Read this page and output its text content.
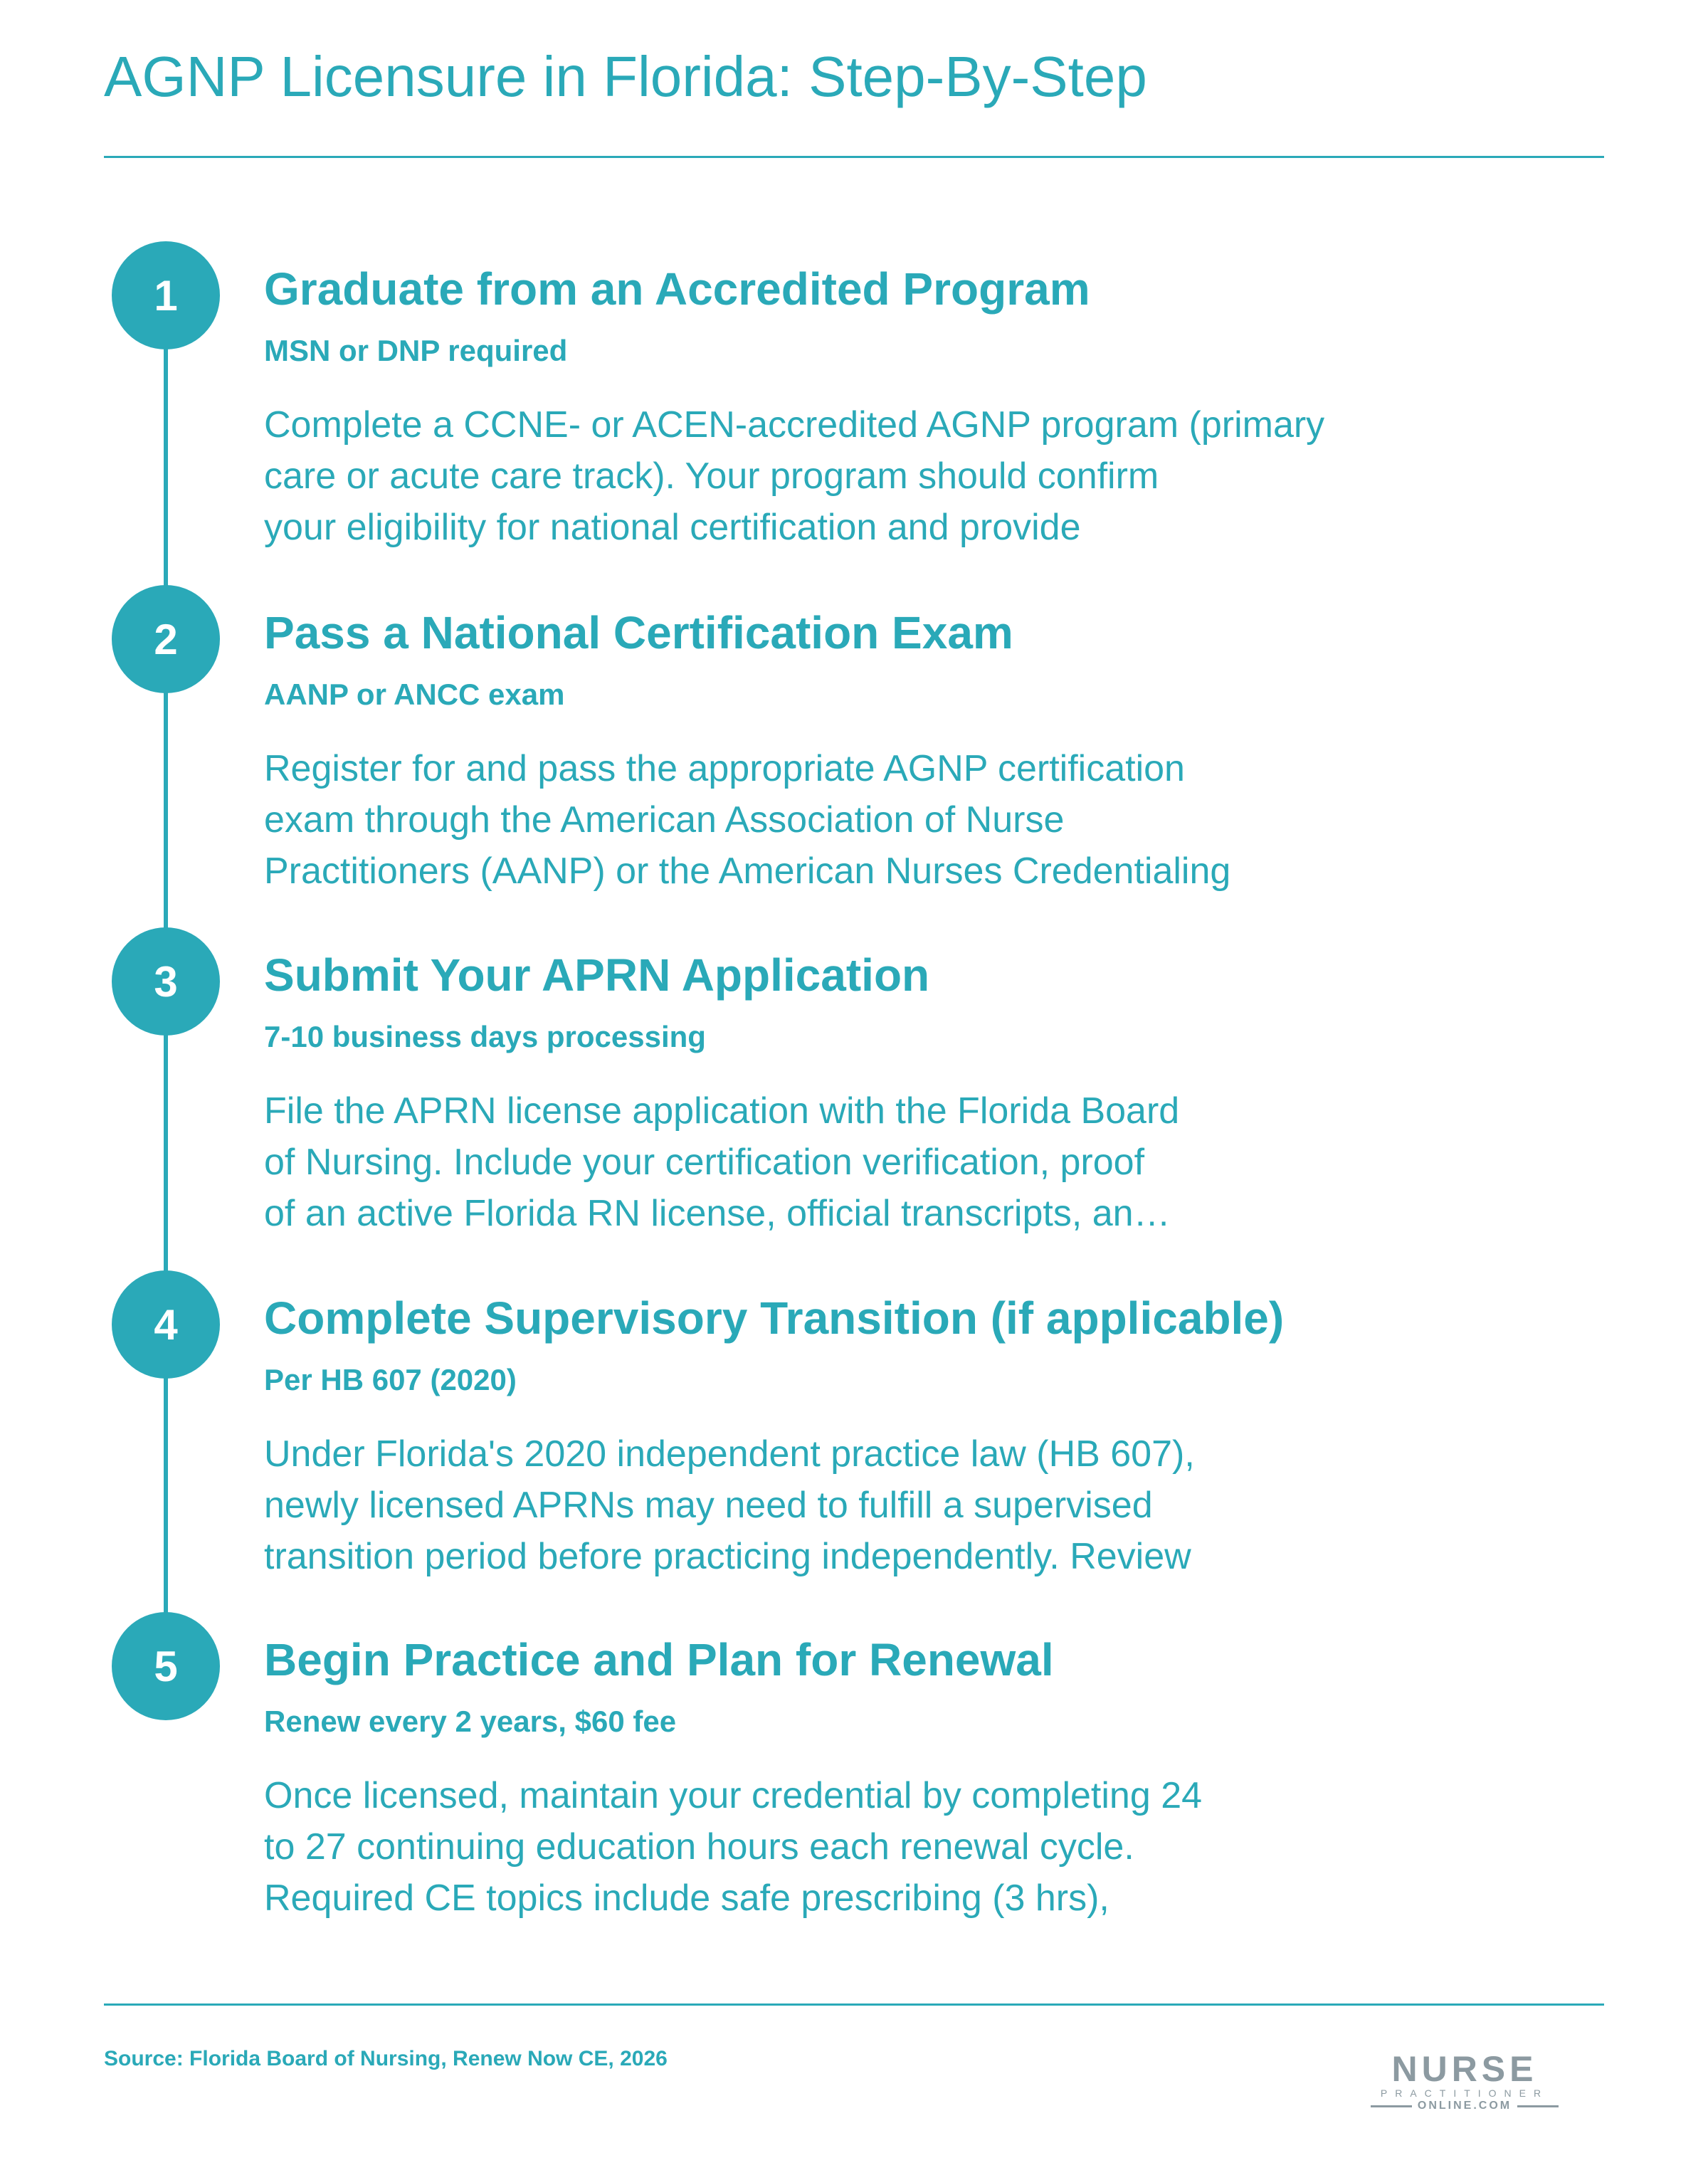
AGNP Licensure in Florida: Step-By-Step
1	Graduate from an Accredited Program
MSN or DNP required
Complete a CCNE- or ACEN-accredited AGNP program (primary
care or acute care track). Your program should confirm
your eligibility for national certification and provide
2	Pass a National Certification Exam
AANP or ANCC exam
Register for and pass the appropriate AGNP certification
exam through the American Association of Nurse
Practitioners (AANP) or the American Nurses Credentialing
3	Submit Your APRN Application
7-10 business days processing
File the APRN license application with the Florida Board
of Nursing. Include your certification verification, proof
of an active Florida RN license, official transcripts, an…
4	Complete Supervisory Transition (if applicable)
Per HB 607 (2020)
Under Florida's 2020 independent practice law (HB 607),
newly licensed APRNs may need to fulfill a supervised
transition period before practicing independently. Review
5	Begin Practice and Plan for Renewal
Renew every 2 years, $60 fee
Once licensed, maintain your credential by completing 24
to 27 continuing education hours each renewal cycle.
Required CE topics include safe prescribing (3 hrs),
Source: Florida Board of Nursing, Renew Now CE, 2026	NURSE
PRACTITIONER
ONLINE.COM
